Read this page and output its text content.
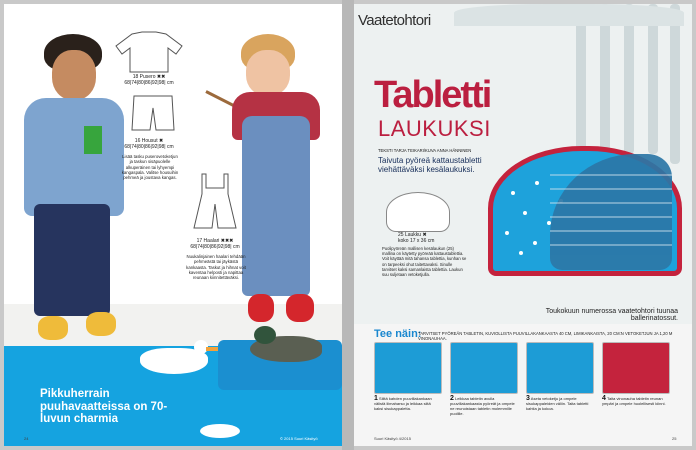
18 Pusero ✖✖
68|74|80|86|92|98| cm
16 Housut ✖
68|74|80|86|92|98| cm
Lisää tasku puserovetoketjun ja taskun sisäpuolelle alkuperäinen tai lyhyempi kangaspala. Valitse housuihin pehmeä ja joustava kangas.
17 Haalari ✖✖✖
68|74|80|86|92|98| cm
Nuukalinjainen haalari tehdään pehmeästä tai jäykästä kankaasta. Taskut ja hihnat voit kaventaa helposti ja napittaa reunaan kiinnitettäväksi.
Pikkuherrain puuhavaatteissa on 70-luvun charmia
24	© 2015 Suuri Käsityö
Vaatetohtori
Tabletti
LAUKUKSI
TEKSTI TARJA TEIKARI/KUVA ANNA HÄNNINEN
Taivuta pyöreä kattaustabletti viehättäväksi kesälaukuksi.
25 Laukku ✖
koko 17 x 36 cm
Puolipyöreän mallisen kesälaukun (25) mallina on käytetty pyöreää kattaustablettia. Voit käyttää mitä tahansa tablettia, kunhan se on tarpeeksi ohut taitettavaksi. Sinulle tarvitset kaksi samanlaista tablettia. Laukun suu suljetaan vetoketjulla.
Toukokuun numerossa vaatetohtori tuunaa ballerinatossut.
Tee näin:
TARVITSET PYÖREÄN TABLETIN, KUVIOLLISTA PUUVILLAKANKAASTA 40 CM, LIMIKANKAISTA, 20 CM:N VETOKETJUN JA 1,20 M VINONAUHAA.
1 Silitä kahden puuvillakankaan välistä liimaharso ja leikkaa siitä kaksi sisukappaletta.
2 Leikkaa tabletin avulla puuvillakankaasta pyöreät ja ompele ne reunoistaan tabletin molemmille puolille.
3 Aseta vetoketju ja ompele sisukappaleiden väliin. Taita tabletti kahtia ja kokoa.
4 Taita vinonauha tabletin reunan ympäri ja ompele huolellisesti kiinni.
Suuri Käsityö 4/2015	25
